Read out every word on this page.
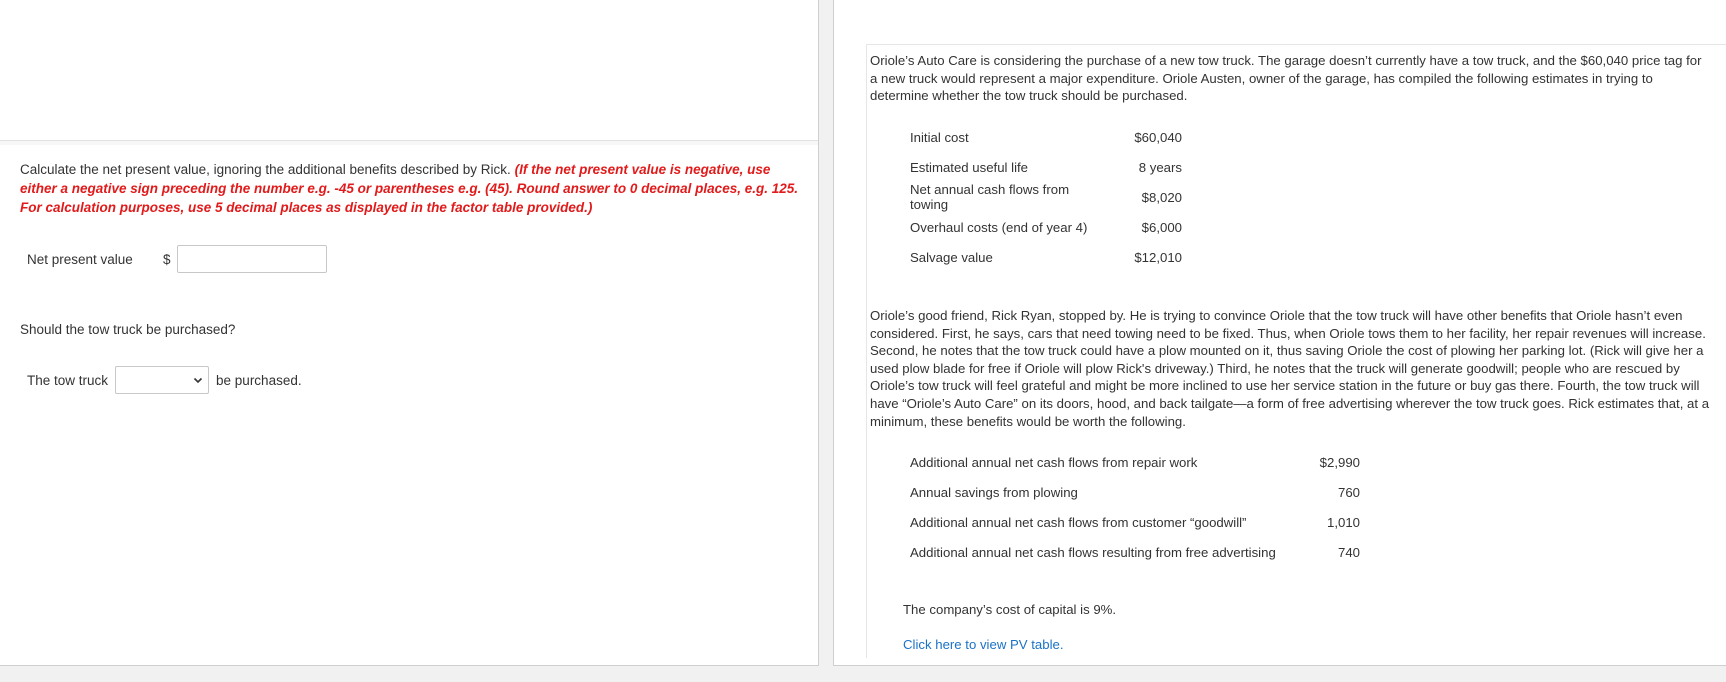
Calculate the net present value, ignoring the additional benefits described by Rick. (If the net present value is negative, use either a negative sign preceding the number e.g. -45 or parentheses e.g. (45). Round answer to 0 decimal places, e.g. 125. For calculation purposes, use 5 decimal places as displayed in the factor table provided.)
Net present value	$
Should the tow truck be purchased?
The tow truck	be purchased.
Oriole’s Auto Care is considering the purchase of a new tow truck. The garage doesn’t currently have a tow truck, and the $60,040 price tag for a new truck would represent a major expenditure. Oriole Austen, owner of the garage, has compiled the following estimates in trying to determine whether the tow truck should be purchased.
Initial cost	$60,040
Estimated useful life	8 years
Net annual cash flows from towing	$8,020
Overhaul costs (end of year 4)	$6,000
Salvage value	$12,010
Oriole’s good friend, Rick Ryan, stopped by. He is trying to convince Oriole that the tow truck will have other benefits that Oriole hasn’t even considered. First, he says, cars that need towing need to be fixed. Thus, when Oriole tows them to her facility, her repair revenues will increase. Second, he notes that the tow truck could have a plow mounted on it, thus saving Oriole the cost of plowing her parking lot. (Rick will give her a used plow blade for free if Oriole will plow Rick's driveway.) Third, he notes that the truck will generate goodwill; people who are rescued by Oriole’s tow truck will feel grateful and might be more inclined to use her service station in the future or buy gas there. Fourth, the tow truck will have “Oriole’s Auto Care” on its doors, hood, and back tailgate—a form of free advertising wherever the tow truck goes. Rick estimates that, at a minimum, these benefits would be worth the following.
Additional annual net cash flows from repair work	$2,990
Annual savings from plowing	760
Additional annual net cash flows from customer “goodwill”	1,010
Additional annual net cash flows resulting from free advertising	740
The company’s cost of capital is 9%.
Click here to view PV table.
